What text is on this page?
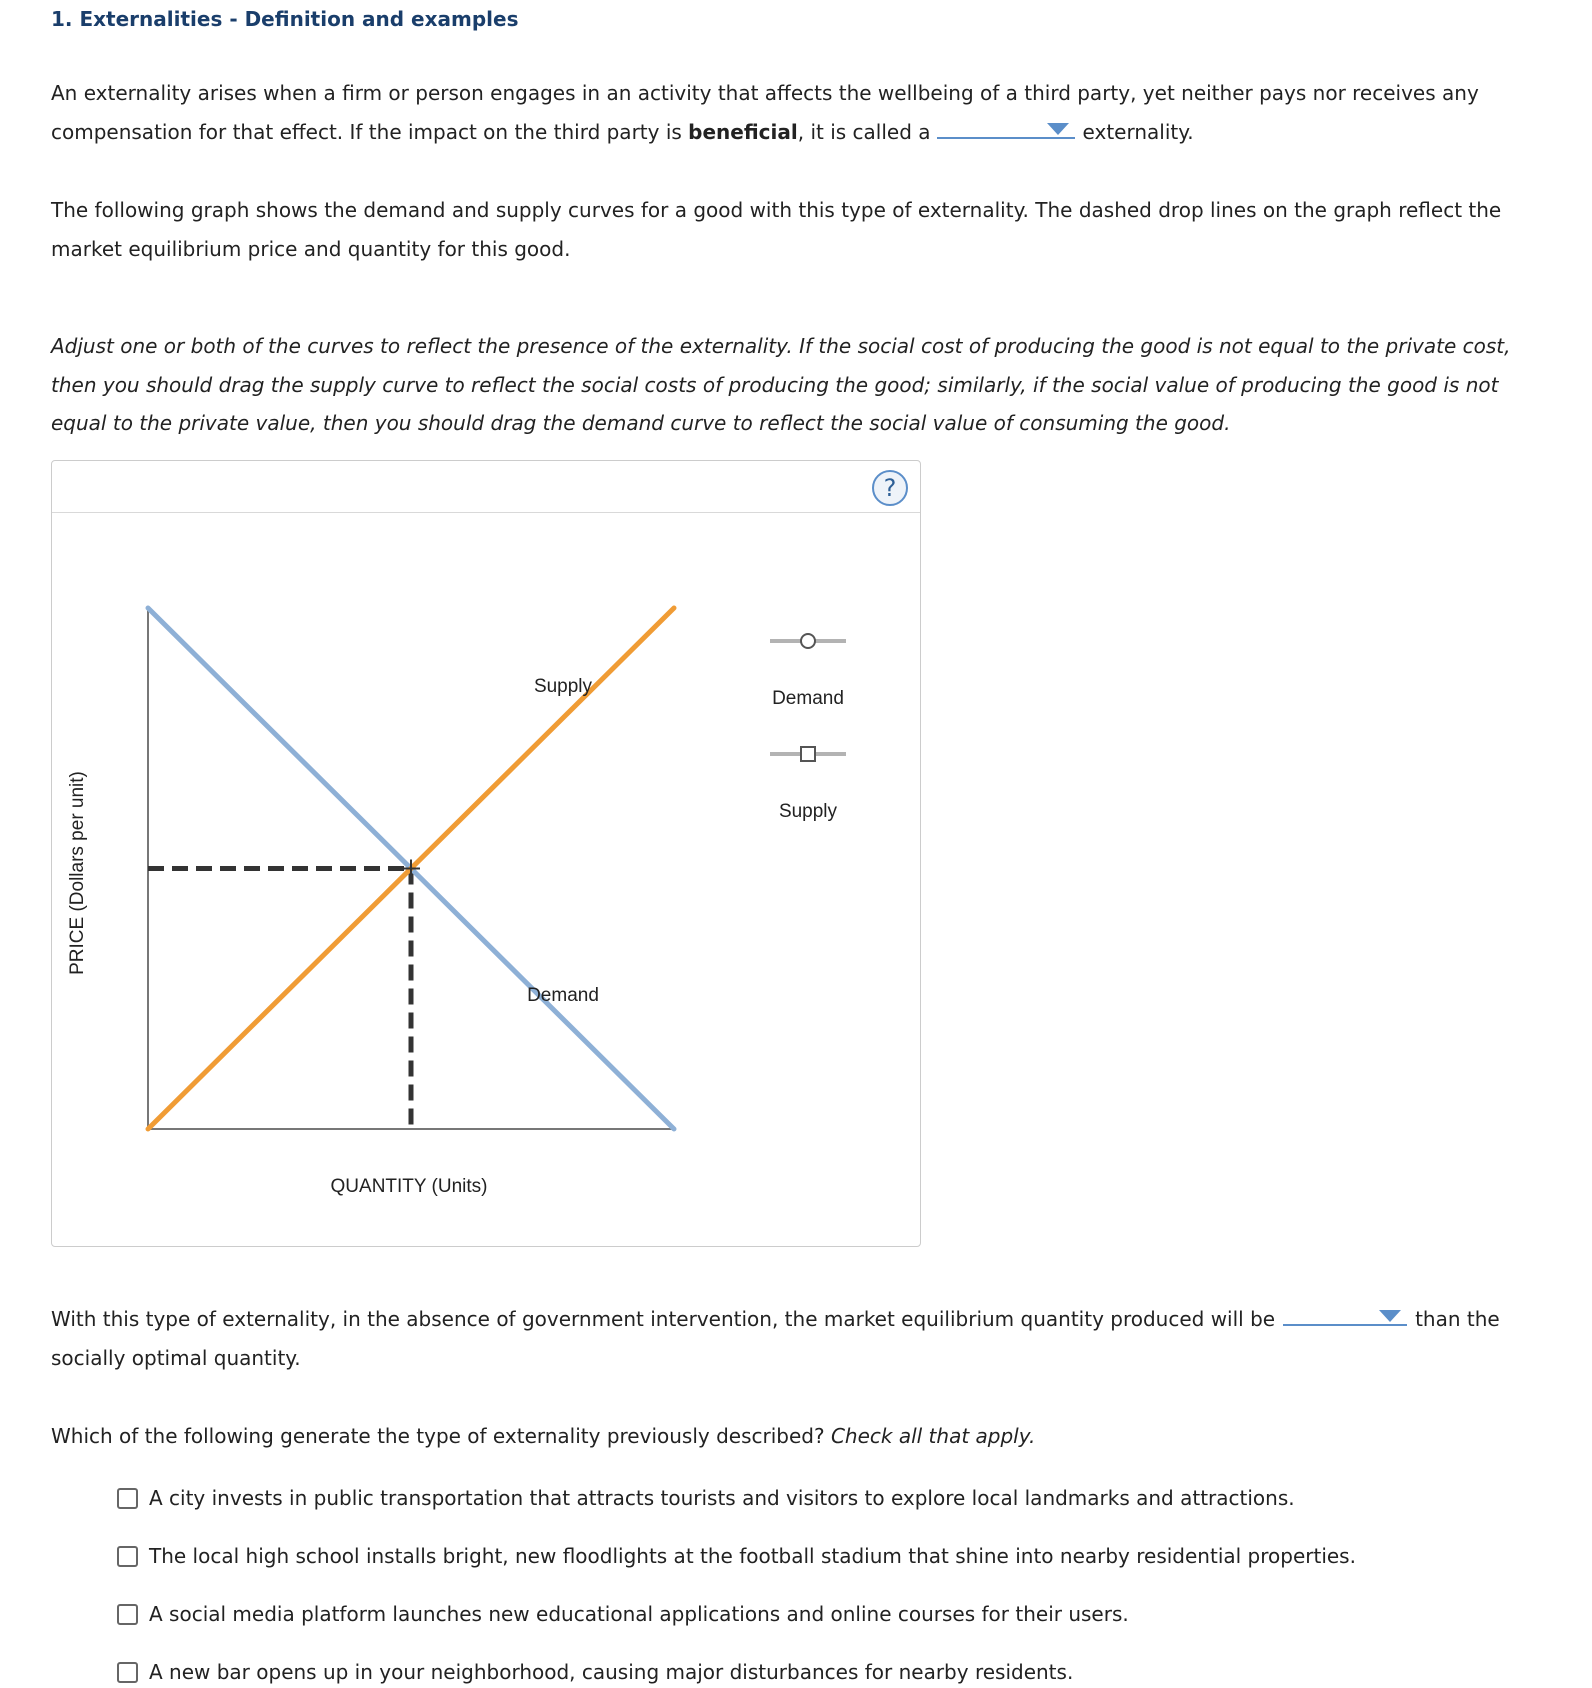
1. Externalities - Definition and examples
An externality arises when a firm or person engages in an activity that affects the wellbeing of a third party, yet neither pays nor receives any compensation for that effect. If the impact on the third party is beneficial, it is called a	externality.
The following graph shows the demand and supply curves for a good with this type of externality. The dashed drop lines on the graph reflect the market equilibrium price and quantity for this good.
Adjust one or both of the curves to reflect the presence of the externality. If the social cost of producing the good is not equal to the private cost, then you should drag the supply curve to reflect the social costs of producing the good; similarly, if the social value of producing the good is not equal to the private value, then you should drag the demand curve to reflect the social value of consuming the good.
?
Supply
Demand
QUANTITY (Units)
PRICE (Dollars per unit)
Demand
Supply
With this type of externality, in the absence of government intervention, the market equilibrium quantity produced will be	than the socially optimal quantity.
Which of the following generate the type of externality previously described? Check all that apply.
A city invests in public transportation that attracts tourists and visitors to explore local landmarks and attractions.
The local high school installs bright, new floodlights at the football stadium that shine into nearby residential properties.
A social media platform launches new educational applications and online courses for their users.
A new bar opens up in your neighborhood, causing major disturbances for nearby residents.
